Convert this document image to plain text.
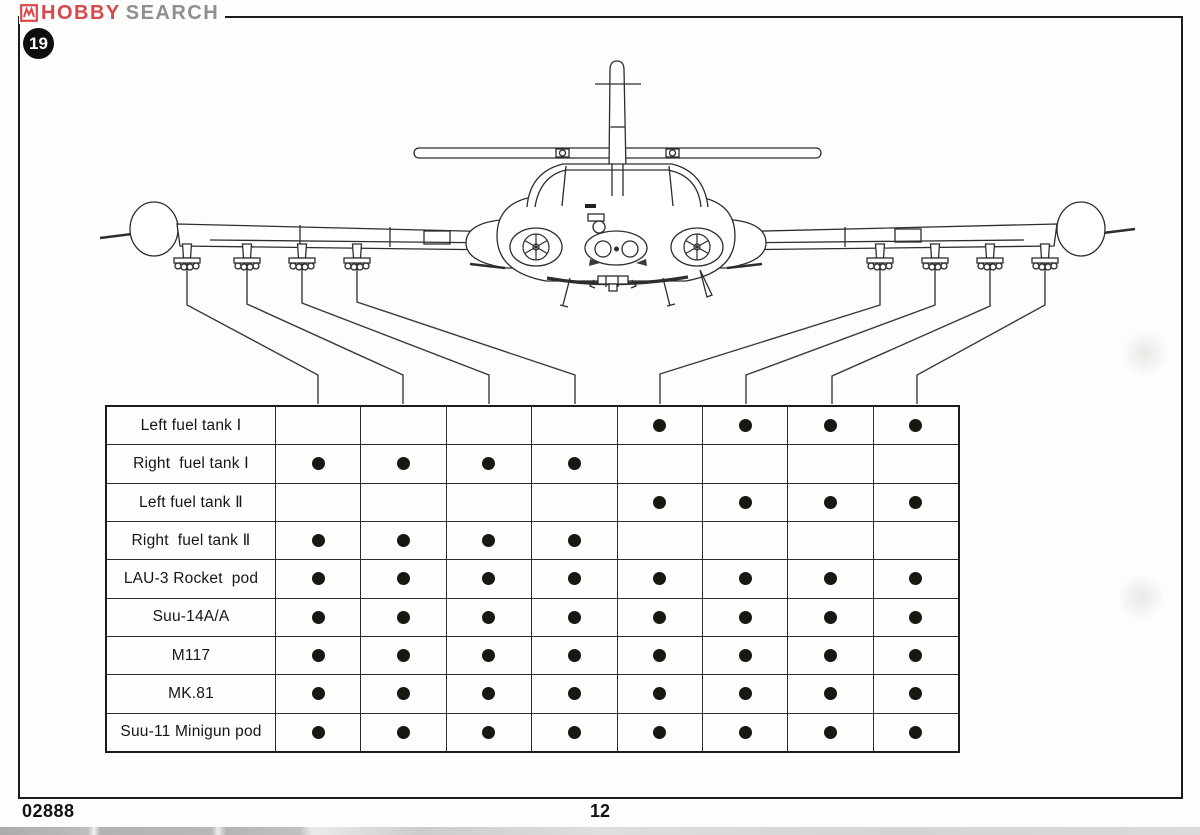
HOBBY SEARCH
19
Left fuel tank Ⅰ
Right  fuel tank Ⅰ
Left fuel tank Ⅱ
Right  fuel tank Ⅱ
LAU-3 Rocket  pod
Suu-14A/A
M117
MK.81
Suu-11 Minigun pod
02888	12
